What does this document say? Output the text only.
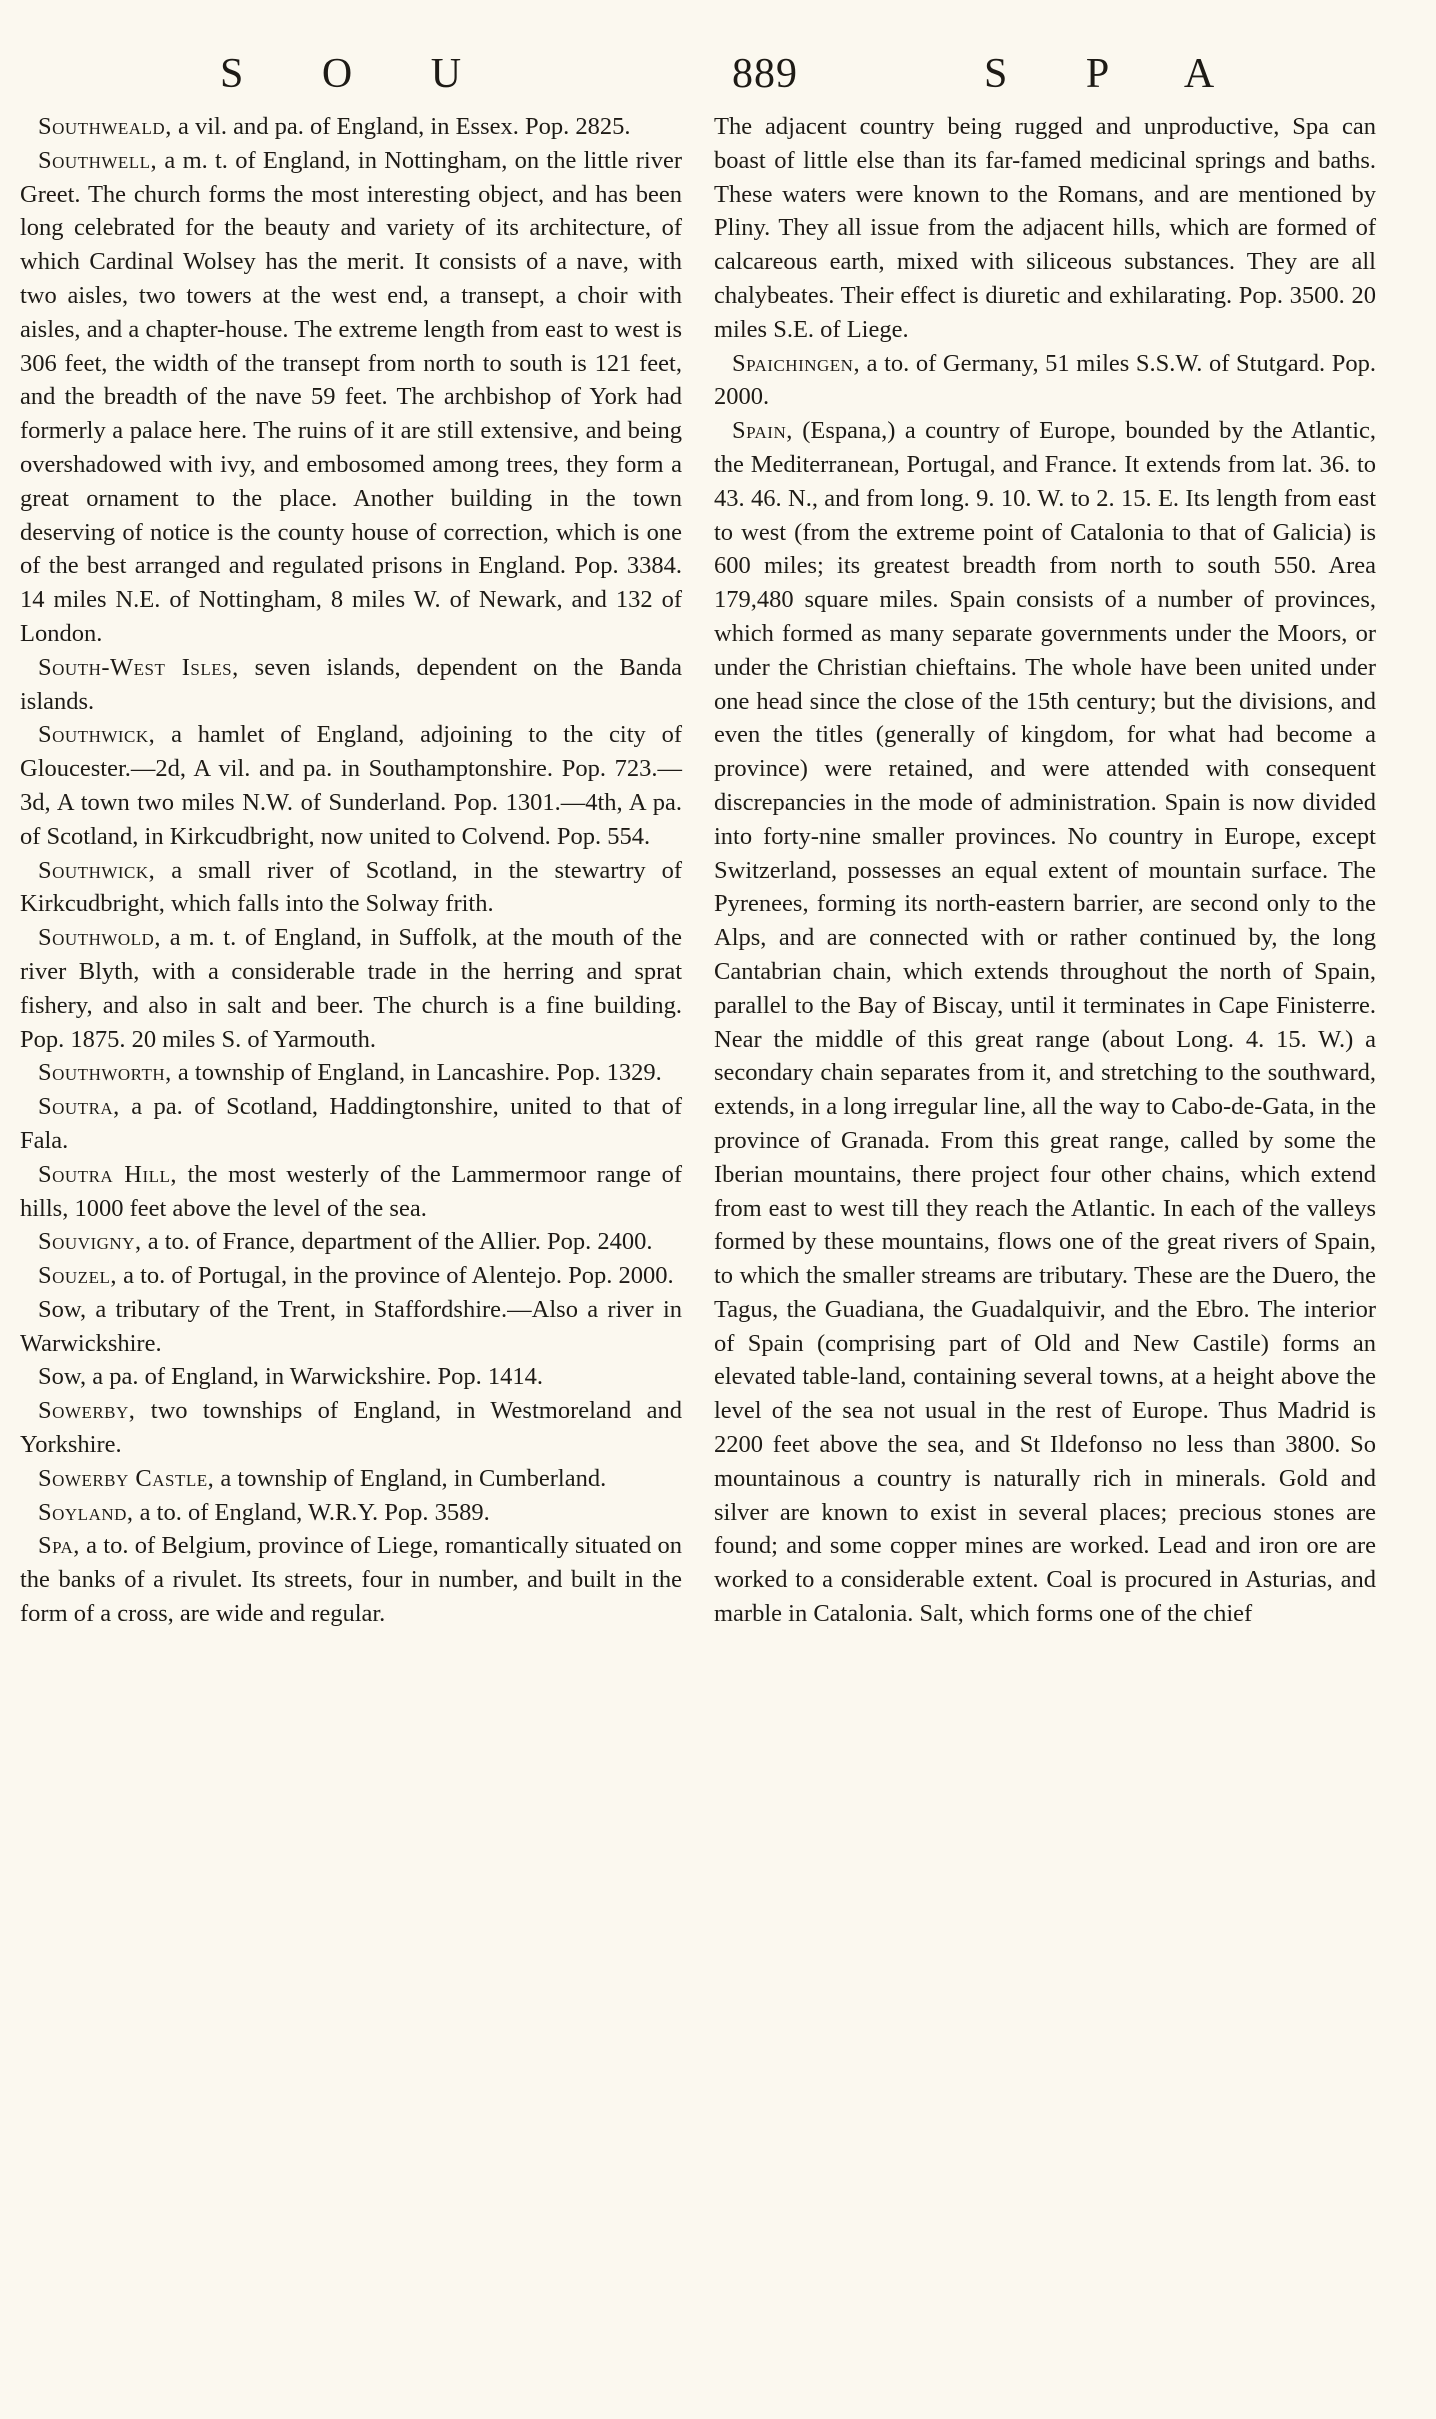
S O U	889	S P A

Southweald, a vil. and pa. of England, in Essex. Pop. 2825.

Southwell, a m. t. of England, in Nottingham, on the little river Greet. The church forms the most interesting object, and has been long celebrated for the beauty and variety of its architecture, of which Cardinal Wolsey has the merit. It consists of a nave, with two aisles, two towers at the west end, a transept, a choir with aisles, and a chapter-house. The extreme length from east to west is 306 feet, the width of the transept from north to south is 121 feet, and the breadth of the nave 59 feet. The archbishop of York had formerly a palace here. The ruins of it are still extensive, and being overshadowed with ivy, and embosomed among trees, they form a great ornament to the place. Another building in the town deserving of notice is the county house of correction, which is one of the best arranged and regulated prisons in England. Pop. 3384. 14 miles N.E. of Nottingham, 8 miles W. of Newark, and 132 of London.

South-West Isles, seven islands, dependent on the Banda islands.

Southwick, a hamlet of England, adjoining to the city of Gloucester.—2d, A vil. and pa. in Southamptonshire. Pop. 723.—3d, A town two miles N.W. of Sunderland. Pop. 1301.—4th, A pa. of Scotland, in Kirkcudbright, now united to Colvend. Pop. 554.

Southwick, a small river of Scotland, in the stewartry of Kirkcudbright, which falls into the Solway frith.

Southwold, a m. t. of England, in Suffolk, at the mouth of the river Blyth, with a considerable trade in the herring and sprat fishery, and also in salt and beer. The church is a fine building. Pop. 1875. 20 miles S. of Yarmouth.

Southworth, a township of England, in Lancashire. Pop. 1329.

Soutra, a pa. of Scotland, Haddingtonshire, united to that of Fala.

Soutra Hill, the most westerly of the Lammermoor range of hills, 1000 feet above the level of the sea.

Souvigny, a to. of France, department of the Allier. Pop. 2400.

Souzel, a to. of Portugal, in the province of Alentejo. Pop. 2000.

Sow, a tributary of the Trent, in Staffordshire.—Also a river in Warwickshire.

Sow, a pa. of England, in Warwickshire. Pop. 1414.

Sowerby, two townships of England, in Westmoreland and Yorkshire.

Sowerby Castle, a township of England, in Cumberland.

Soyland, a to. of England, W.R.Y. Pop. 3589.

Spa, a to. of Belgium, province of Liege, romantically situated on the banks of a rivulet. Its streets, four in number, and built in the form of a cross, are wide and regular.

The adjacent country being rugged and unproductive, Spa can boast of little else than its far-famed medicinal springs and baths. These waters were known to the Romans, and are mentioned by Pliny. They all issue from the adjacent hills, which are formed of calcareous earth, mixed with siliceous substances. They are all chalybeates. Their effect is diuretic and exhilarating. Pop. 3500. 20 miles S.E. of Liege.

Spaichingen, a to. of Germany, 51 miles S.S.W. of Stutgard. Pop. 2000.

Spain, (Espana,) a country of Europe, bounded by the Atlantic, the Mediterranean, Portugal, and France. It extends from lat. 36. to 43. 46. N., and from long. 9. 10. W. to 2. 15. E. Its length from east to west (from the extreme point of Catalonia to that of Galicia) is 600 miles; its greatest breadth from north to south 550. Area 179,480 square miles. Spain consists of a number of provinces, which formed as many separate governments under the Moors, or under the Christian chieftains. The whole have been united under one head since the close of the 15th century; but the divisions, and even the titles (generally of kingdom, for what had become a province) were retained, and were attended with consequent discrepancies in the mode of administration. Spain is now divided into forty-nine smaller provinces. No country in Europe, except Switzerland, possesses an equal extent of mountain surface. The Pyrenees, forming its north-eastern barrier, are second only to the Alps, and are connected with or rather continued by, the long Cantabrian chain, which extends throughout the north of Spain, parallel to the Bay of Biscay, until it terminates in Cape Finisterre. Near the middle of this great range (about Long. 4. 15. W.) a secondary chain separates from it, and stretching to the southward, extends, in a long irregular line, all the way to Cabo-de-Gata, in the province of Granada. From this great range, called by some the Iberian mountains, there project four other chains, which extend from east to west till they reach the Atlantic. In each of the valleys formed by these mountains, flows one of the great rivers of Spain, to which the smaller streams are tributary. These are the Duero, the Tagus, the Guadiana, the Guadalquivir, and the Ebro. The interior of Spain (comprising part of Old and New Castile) forms an elevated table-land, containing several towns, at a height above the level of the sea not usual in the rest of Europe. Thus Madrid is 2200 feet above the sea, and St Ildefonso no less than 3800. So mountainous a country is naturally rich in minerals. Gold and silver are known to exist in several places; precious stones are found; and some copper mines are worked. Lead and iron ore are worked to a considerable extent. Coal is procured in Asturias, and marble in Catalonia. Salt, which forms one of the chief
